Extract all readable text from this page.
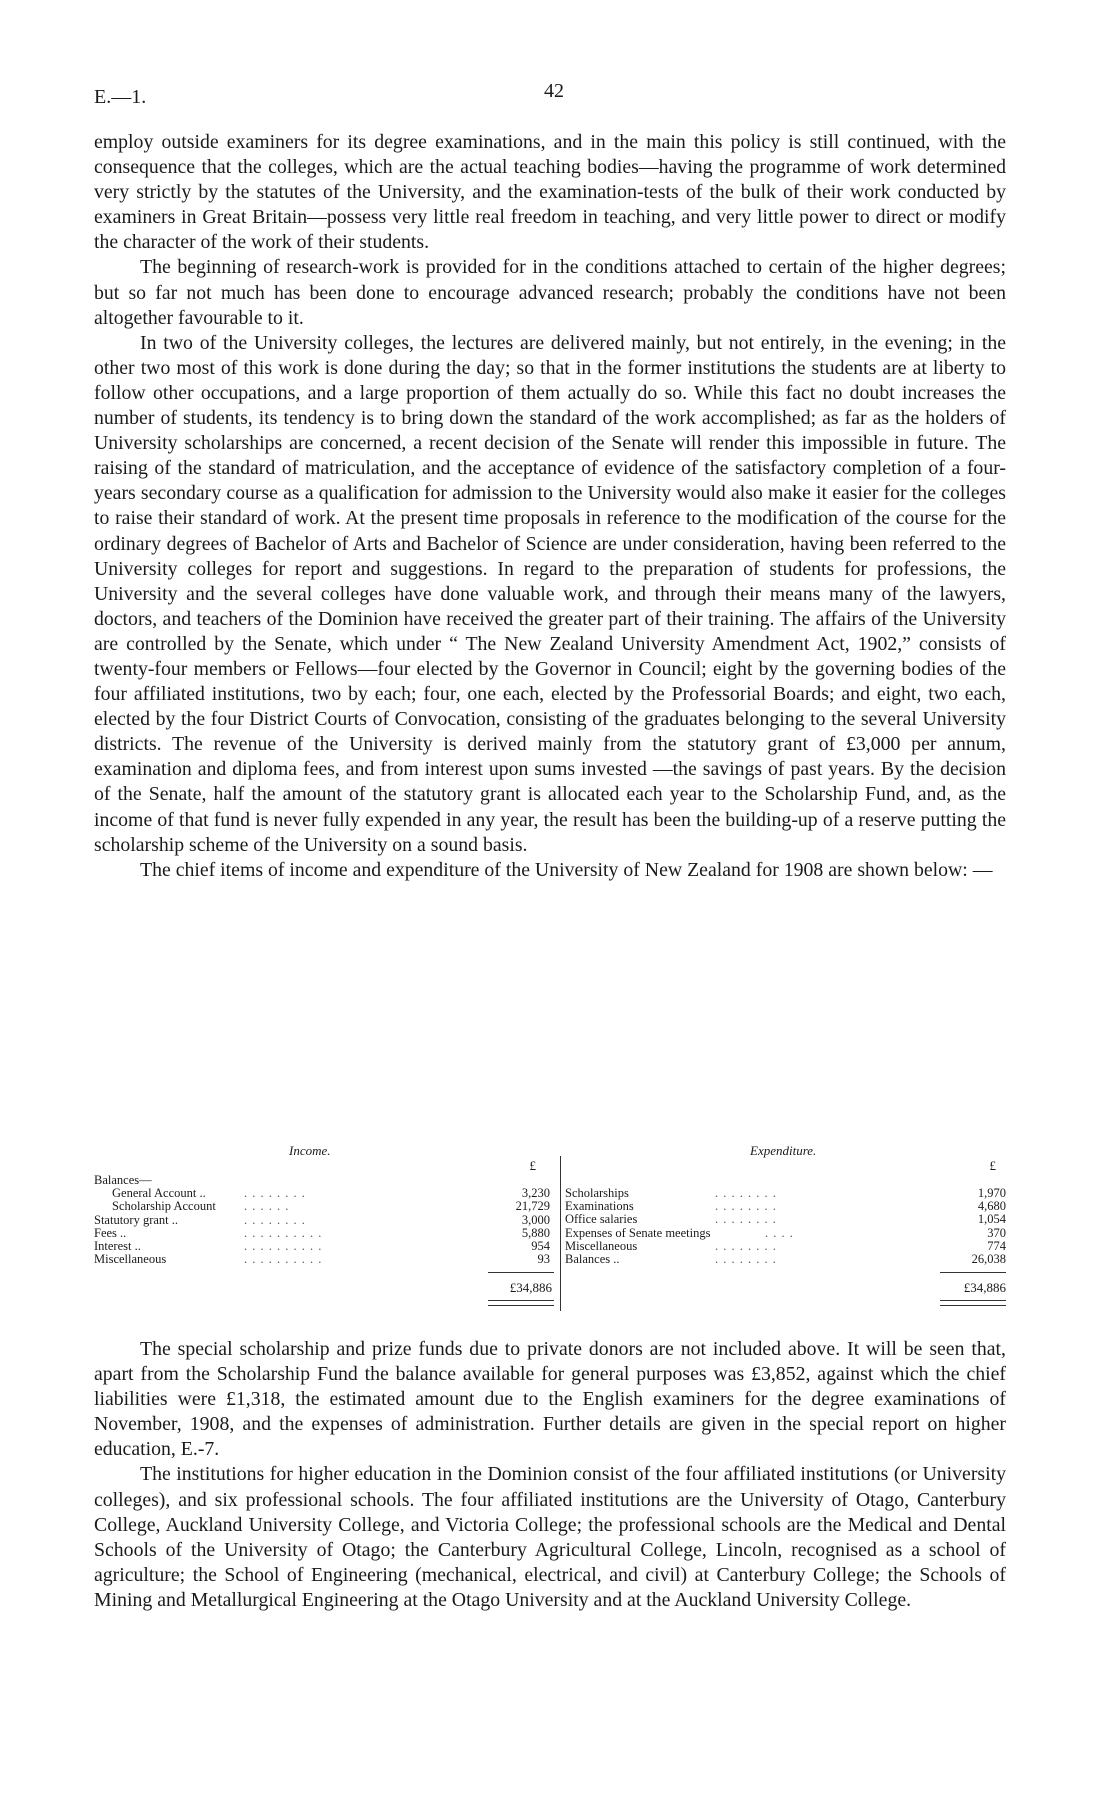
E.—1.	42

employ outside examiners for its degree examinations, and in the main this policy is still continued, with the consequence that the colleges, which are the actual teaching bodies—having the programme of work determined very strictly by the statutes of the University, and the examination-tests of the bulk of their work conducted by examiners in Great Britain—possess very little real freedom in teaching, and very little power to direct or modify the character of the work of their students.

The beginning of research-work is provided for in the conditions attached to certain of the higher degrees; but so far not much has been done to encourage advanced research; probably the conditions have not been altogether favourable to it.

In two of the University colleges, the lectures are delivered mainly, but not entirely, in the evening; in the other two most of this work is done during the day; so that in the former institutions the students are at liberty to follow other occupations, and a large proportion of them actually do so. While this fact no doubt increases the number of students, its tendency is to bring down the standard of the work accomplished; as far as the holders of University scholarships are concerned, a recent decision of the Senate will render this impossible in future. The raising of the standard of matriculation, and the acceptance of evidence of the satisfactory completion of a four-years secondary course as a qualification for admission to the University would also make it easier for the colleges to raise their standard of work. At the present time proposals in reference to the modification of the course for the ordinary degrees of Bachelor of Arts and Bachelor of Science are under consideration, having been referred to the University colleges for report and suggestions. In regard to the preparation of students for professions, the University and the several colleges have done valuable work, and through their means many of the lawyers, doctors, and teachers of the Dominion have received the greater part of their training. The affairs of the University are controlled by the Senate, which under “ The New Zealand University Amendment Act, 1902,” consists of twenty-four members or Fellows—four elected by the Governor in Council; eight by the governing bodies of the four affiliated institutions, two by each; four, one each, elected by the Professorial Boards; and eight, two each, elected by the four District Courts of Convocation, consisting of the graduates belonging to the several University districts. The revenue of the University is derived mainly from the statutory grant of £3,000 per annum, examination and diploma fees, and from interest upon sums invested —the savings of past years. By the decision of the Senate, half the amount of the statutory grant is allocated each year to the Scholarship Fund, and, as the income of that fund is never fully expended in any year, the result has been the building-up of a reserve putting the scholarship scheme of the University on a sound basis.

The chief items of income and expenditure of the University of New Zealand for 1908 are shown below: —

Income.
£
Balances—
General Account ..	. . . . . . . .	3,230
Scholarship Account . . . . . .	21,729
Statutory grant ..	. . . . . . . .	3,000
Fees ..	. . . . . . . . . .	5,880
Interest ..	. . . . . . . . . .	954
Miscellaneous	. . . . . . . . . .	93
£34,886
Expenditure.
£
Scholarships	. . . . . . . .	1,970
Examinations	. . . . . . . .	4,680
Office salaries	. . . . . . . .	1,054
Expenses of Senate meetings	. . . .	370
Miscellaneous	. . . . . . . .	774
Balances ..	. . . . . . . .	26,038
£34,886

The special scholarship and prize funds due to private donors are not included above. It will be seen that, apart from the Scholarship Fund the balance available for general purposes was £3,852, against which the chief liabilities were £1,318, the estimated amount due to the English examiners for the degree examinations of November, 1908, and the expenses of administration. Further details are given in the special report on higher education, E.-7.

The institutions for higher education in the Dominion consist of the four affiliated institutions (or University colleges), and six professional schools. The four affiliated institutions are the University of Otago, Canterbury College, Auckland University College, and Victoria College; the professional schools are the Medical and Dental Schools of the University of Otago; the Canterbury Agricultural College, Lincoln, recognised as a school of agriculture; the School of Engineering (mechanical, electrical, and civil) at Canterbury College; the Schools of Mining and Metallurgical Engineering at the Otago University and at the Auckland University College.
